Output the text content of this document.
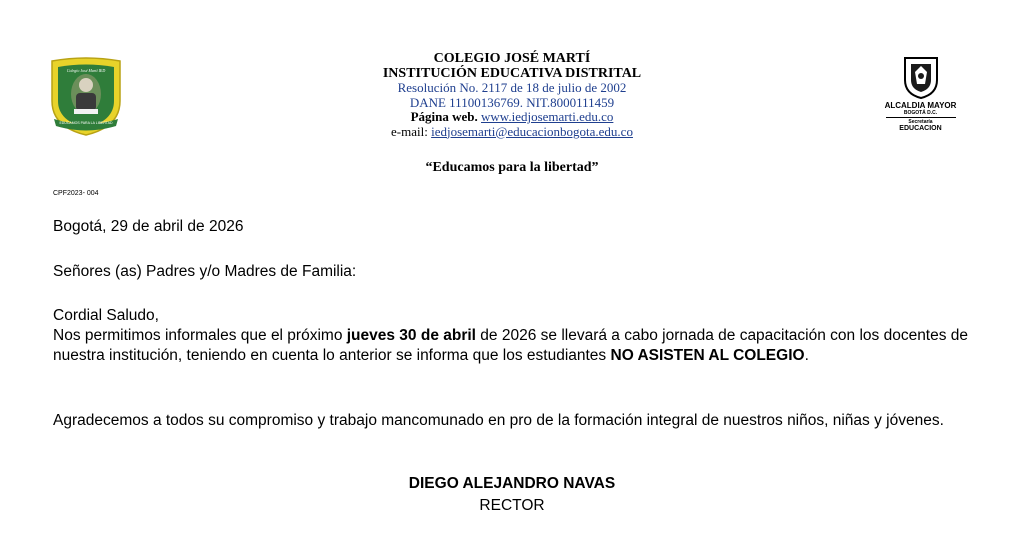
Colegio José Martí IED
EDUCAMOS PARA LA LIBERTAD
COLEGIO JOSÉ MARTÍ
INSTITUCIÓN EDUCATIVA DISTRITAL
Resolución No. 2117 de 18 de julio de 2002
DANE 11100136769. NIT.8000111459
Página web. www.iedjosemarti.edu.co
e-mail: iedjosemarti@educacionbogota.edu.co
“Educamos para la libertad”
ALCALDIA MAYOR
BOGOTÁ D.C.
Secretaría
EDUCACION
CPF2023- 004
Bogotá, 29 de abril de 2026
Señores (as) Padres y/o Madres de Familia:
Cordial Saludo,
Nos permitimos informales que el próximo jueves 30 de abril de 2026 se llevará a cabo jornada de capacitación con los docentes de nuestra institución, teniendo en cuenta lo anterior se informa que los estudiantes NO ASISTEN AL COLEGIO.
Agradecemos a todos su compromiso y trabajo mancomunado en pro de la formación integral de nuestros niños, niñas y jóvenes.
DIEGO ALEJANDRO NAVAS
RECTOR
